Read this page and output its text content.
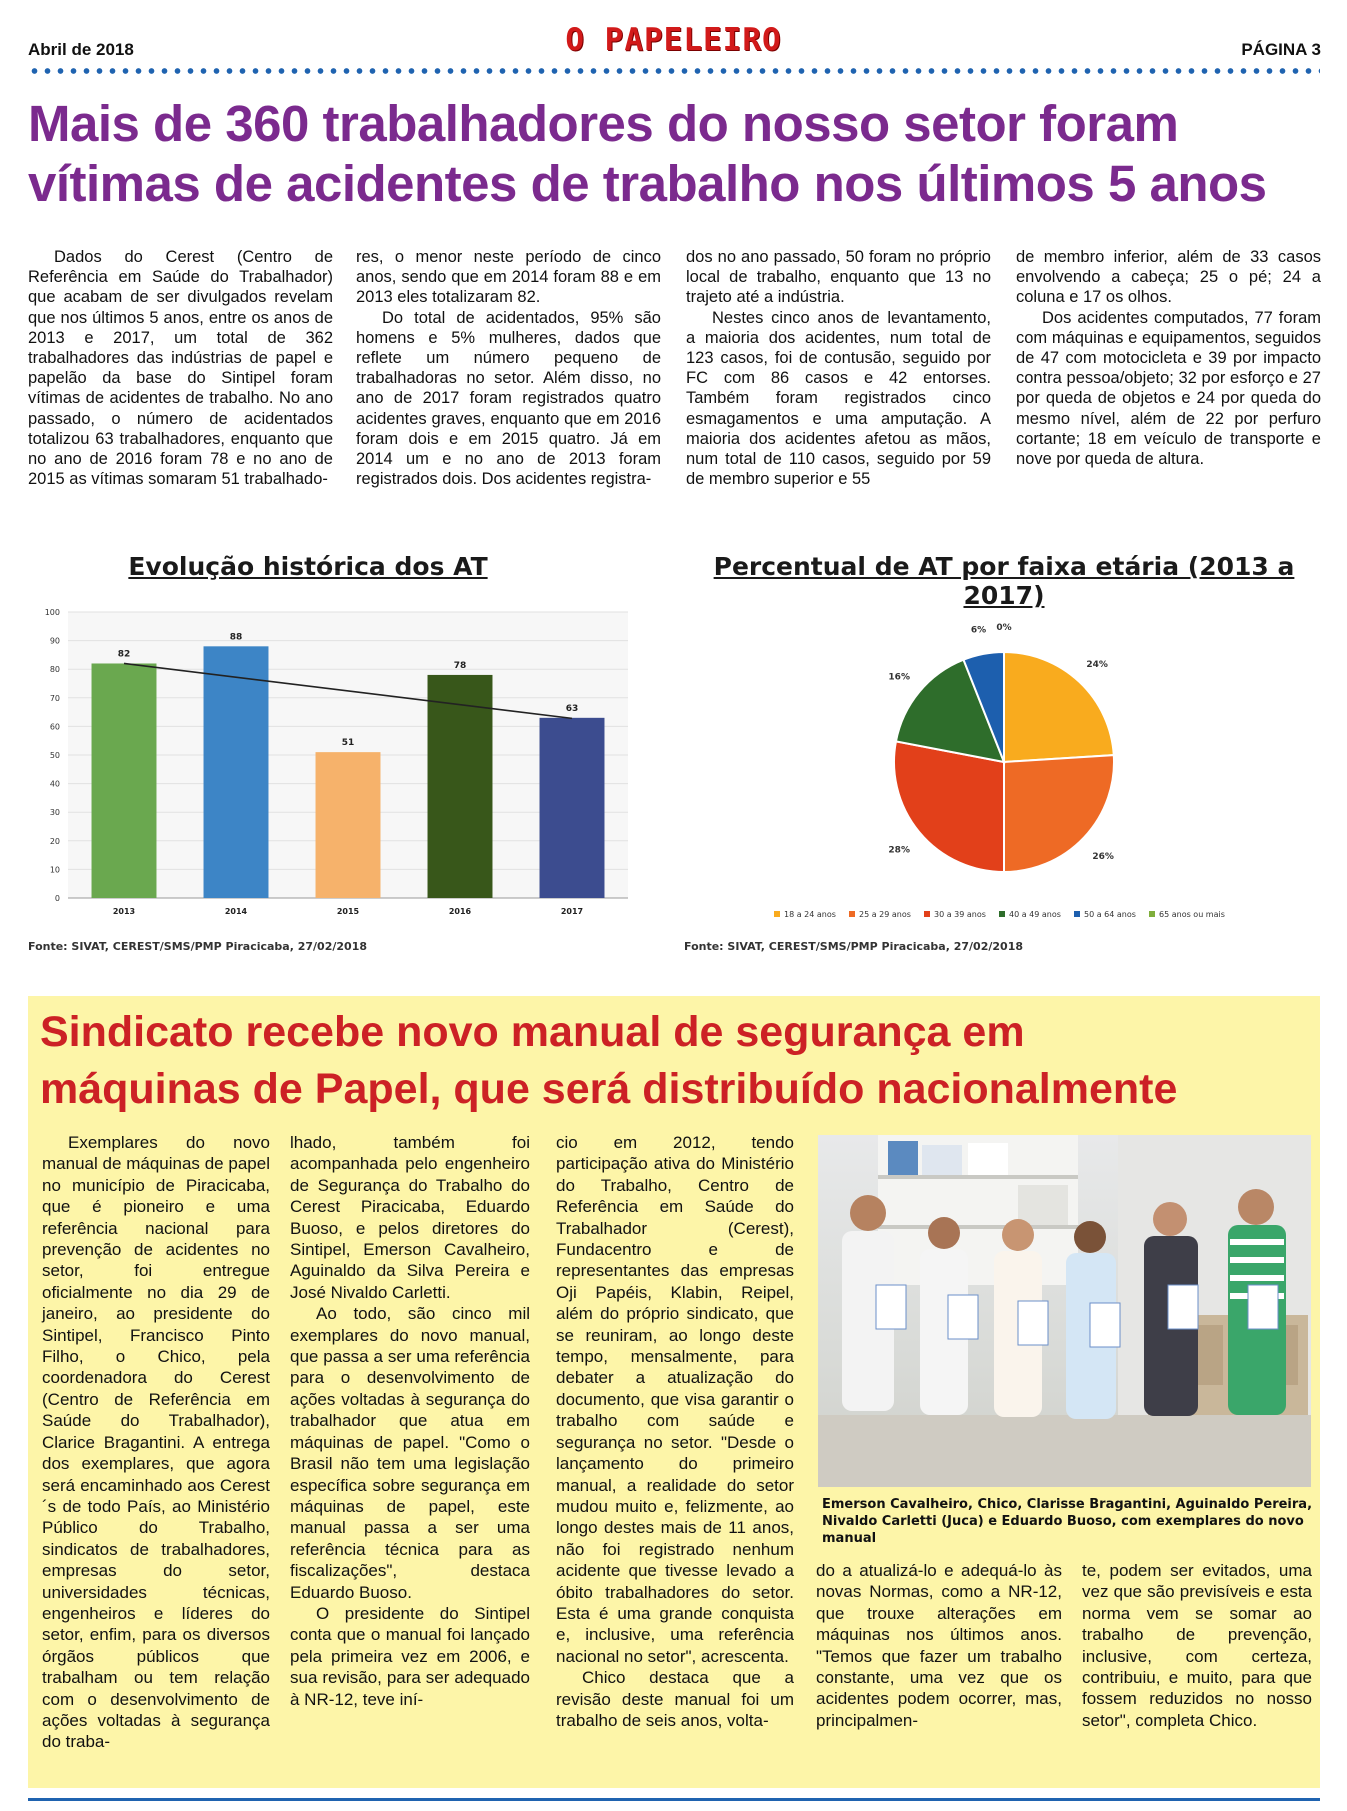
Abril de 2018	O PAPELEIRO	PÁGINA 3
Mais de 360 trabalhadores do nosso setor foram
vítimas de acidentes de trabalho nos últimos 5 anos

Dados do Cerest (Centro de Referência em Saúde do Trabalhador) que acabam de ser divulgados revelam que nos últimos 5 anos, entre os anos de 2013 e 2017, um total de 362 trabalhadores das indústrias de papel e papelão da base do Sintipel foram vítimas de acidentes de trabalho. No ano passado, o número de acidentados totalizou 63 trabalhadores, enquanto que no ano de 2016 foram 78 e no ano de 2015 as vítimas somaram 51 trabalhado-

res, o menor neste período de cinco anos, sendo que em 2014 foram 88 e em 2013 eles totalizaram 82.

Do total de acidentados, 95% são homens e 5% mulheres, dados que reflete um número pequeno de trabalhadoras no setor. Além disso, no ano de 2017 foram registrados quatro acidentes graves, enquanto que em 2016 foram dois e em 2015 quatro. Já em 2014 um e no ano de 2013 foram registrados dois. Dos acidentes registra-

dos no ano passado, 50 foram no próprio local de trabalho, enquanto que 13 no trajeto até a indústria.

Nestes cinco anos de levantamento, a maioria dos acidentes, num total de 123 casos, foi de contusão, seguido por FC com 86 casos e 42 entorses. Também foram registrados cinco esmagamentos e uma amputação. A maioria dos acidentes afetou as mãos, num total de 110 casos, seguido por 59 de membro superior e 55

de membro inferior, além de 33 casos envolvendo a cabeça; 25 o pé; 24 a coluna e 17 os olhos.

Dos acidentes computados, 77 foram com máquinas e equipamentos, seguidos de 47 com motocicleta e 39 por impacto contra pessoa/objeto; 32 por esforço e 27 por queda de objetos e 24 por queda do mesmo nível, além de 22 por perfuro cortante; 18 em veículo de transporte e nove por queda de altura.

Evolução histórica dos AT
0
10
20
30
40
50
60
70
80
90
100
82
2013
88
2014
51
2015
78
2016
63
2017
Fonte: SIVAT, CEREST/SMS/PMP Piracicaba, 27/02/2018
Percentual de AT por faixa etária (2013 a 2017)
24%
26%
28%
16%
6% 0%
18 a 24 anos	25 a 29 anos	30 a 39 anos	40 a 49 anos	50 a 64 anos	65 anos ou mais
Fonte: SIVAT, CEREST/SMS/PMP Piracicaba, 27/02/2018
Sindicato recebe novo manual de segurança em
máquinas de Papel, que será distribuído nacionalmente

Exemplares do novo manual de máquinas de papel no município de Piracicaba, que é pioneiro e uma referência nacional para prevenção de acidentes no setor, foi entregue oficialmente no dia 29 de janeiro, ao presidente do Sintipel, Francisco Pinto Filho, o Chico, pela coordenadora do Cerest (Centro de Referência em Saúde do Trabalhador), Clarice Bragantini. A entrega dos exemplares, que agora será encaminhado aos Cerest´s de todo País, ao Ministério Público do Trabalho, sindicatos de trabalhadores, empresas do setor, universidades técnicas, engenheiros e líderes do setor, enfim, para os diversos órgãos públicos que trabalham ou tem relação com o desenvolvimento de ações voltadas à segurança do traba-

lhado, também foi acompanhada pelo engenheiro de Segurança do Trabalho do Cerest Piracicaba, Eduardo Buoso, e pelos diretores do Sintipel, Emerson Cavalheiro, Aguinaldo da Silva Pereira e José Nivaldo Carletti.

Ao todo, são cinco mil exemplares do novo manual, que passa a ser uma referência para o desenvolvimento de ações voltadas à segurança do trabalhador que atua em máquinas de papel. "Como o Brasil não tem uma legislação específica sobre segurança em máquinas de papel, este manual passa a ser uma referência técnica para as fiscalizações", destaca Eduardo Buoso.

O presidente do Sintipel conta que o manual foi lançado pela primeira vez em 2006, e sua revisão, para ser adequado à NR-12, teve iní-

cio em 2012, tendo participação ativa do Ministério do Trabalho, Centro de Referência em Saúde do Trabalhador (Cerest), Fundacentro e de representantes das empresas Oji Papéis, Klabin, Reipel, além do próprio sindicato, que se reuniram, ao longo deste tempo, mensalmente, para debater a atualização do documento, que visa garantir o trabalho com saúde e segurança no setor. "Desde o lançamento do primeiro manual, a realidade do setor mudou muito e, felizmente, ao longo destes mais de 11 anos, não foi registrado nenhum acidente que tivesse levado a óbito trabalhadores do setor. Esta é uma grande conquista e, inclusive, uma referência nacional no setor", acrescenta.

Chico destaca que a revisão deste manual foi um trabalho de seis anos, volta-

do a atualizá-lo e adequá-lo às novas Normas, como a NR-12, que trouxe alterações em máquinas nos últimos anos. "Temos que fazer um trabalho constante, uma vez que os acidentes podem ocorrer, mas, principalmen-

te, podem ser evitados, uma vez que são previsíveis e esta norma vem se somar ao trabalho de prevenção, inclusive, com certeza, contribuiu, e muito, para que fossem reduzidos no nosso setor", completa Chico.

Emerson Cavalheiro, Chico, Clarisse Bragantini, Aguinaldo Pereira, Nivaldo Carletti (Juca) e Eduardo Buoso, com exemplares do novo manual
